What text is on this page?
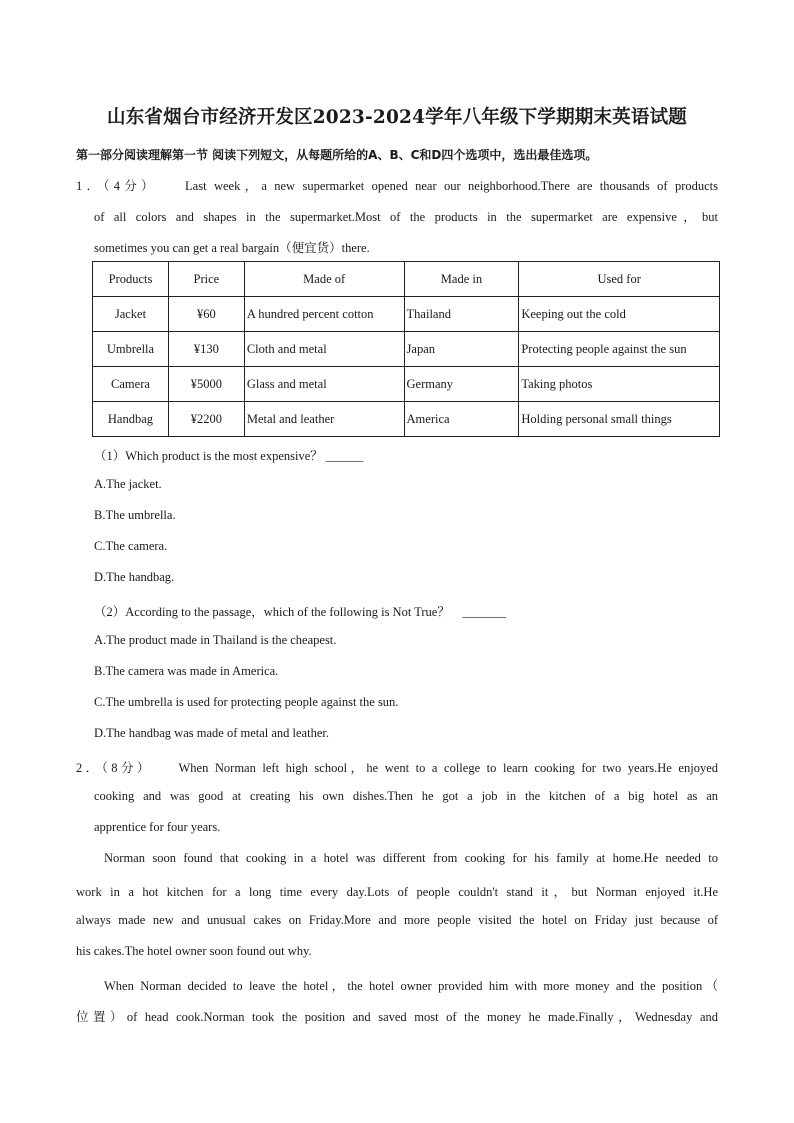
山东省烟台市经济开发区2023-2024学年八年级下学期期末英语试题
第一部分阅读理解第一节 阅读下列短文，从每题所给的A、B、C和D四个选项中，选出最佳选项。
1．（4分）　　Last week，a new supermarket opened near our neighborhood.There are thousands of products
of all colors and shapes in the supermarket.Most of the products in the supermarket are expensive，but
sometimes you can get a real bargain（便宜货）there.
Products	Price	Made of	Made in	Used for
Jacket	¥60	A hundred percent cotton	Thailand	Keeping out the cold
Umbrella	¥130	Cloth and metal	Japan	Protecting people against the sun
Camera	¥5000	Glass and metal	Germany	Taking photos
Handbag	¥2200	Metal and leather	America	Holding personal small things
（1）Which product is the most expensive？ ______
A.The jacket.
B.The umbrella.
C.The camera.
D.The handbag.
（2）According to the passage，which of the following is Not True？　_______
A.The product made in Thailand is the cheapest.
B.The camera was made in America.
C.The umbrella is used for protecting people against the sun.
D.The handbag was made of metal and leather.
2．（8分）　　When Norman left high school，he went to a college to learn cooking for two years.He enjoyed
cooking and was good at creating his own dishes.Then he got a job in the kitchen of a big hotel as an
apprentice for four years.
Norman soon found that cooking in a hotel was different from cooking for his family at home.He needed to
work in a hot kitchen for a long time every day.Lots of people couldn't stand it，but Norman enjoyed it.He
always made new and unusual cakes on Friday.More and more people visited the hotel on Friday just because of
his cakes.The hotel owner soon found out why.
When Norman decided to leave the hotel，the hotel owner provided him with more money and the position（
位置）of head cook.Norman took the position and saved most of the money he made.Finally，Wednesday and
